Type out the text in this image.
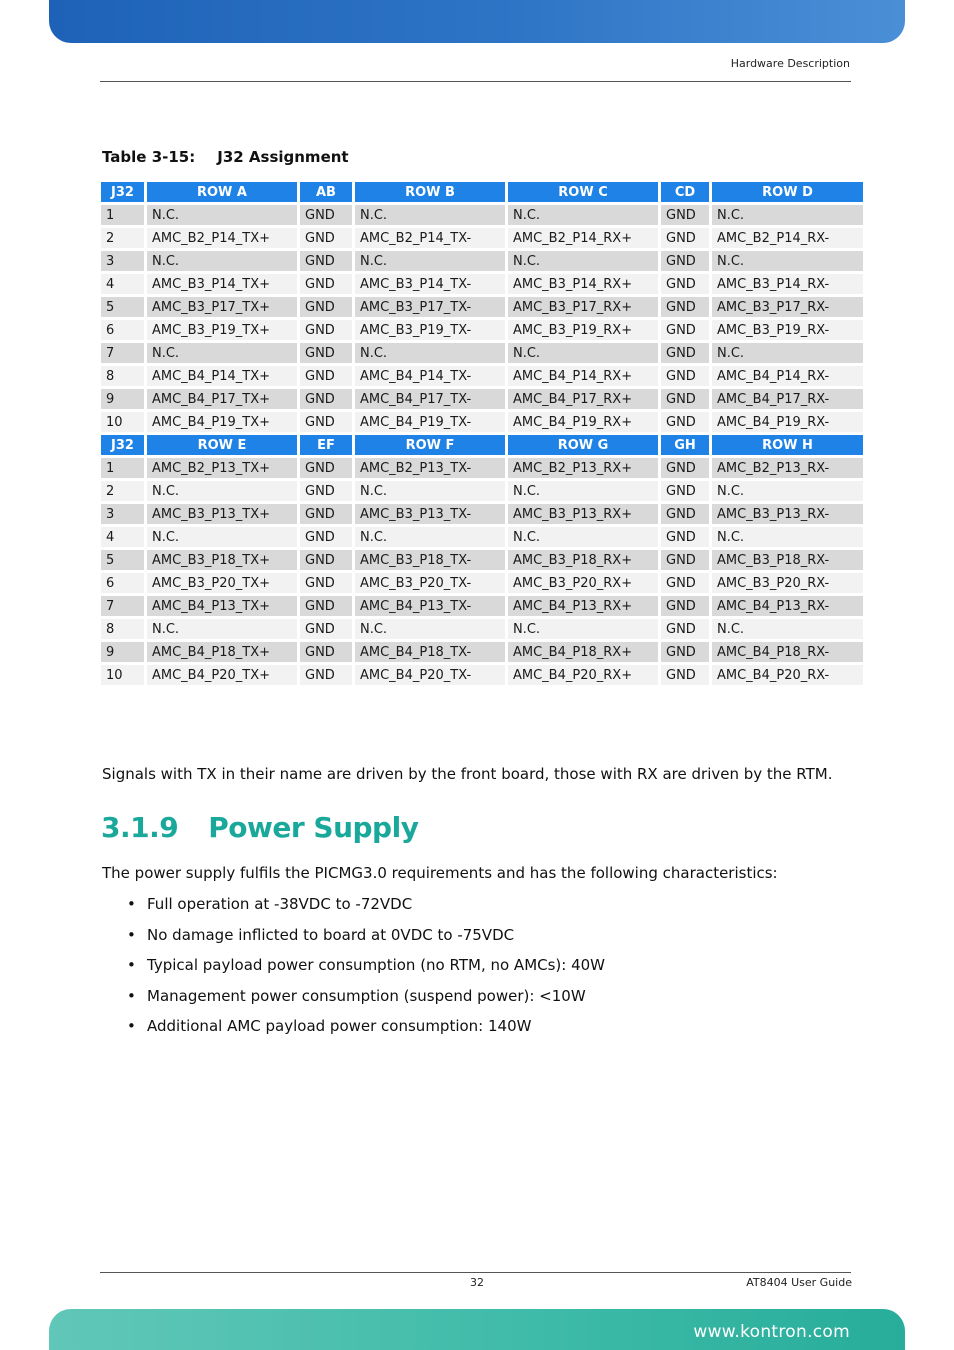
Hardware Description
Table 3-15: J32 Assignment
J32	ROW A	AB	ROW B	ROW C	CD	ROW D
1	N.C.	GND	N.C.	N.C.	GND	N.C.
2	AMC_B2_P14_TX+	GND	AMC_B2_P14_TX-	AMC_B2_P14_RX+	GND	AMC_B2_P14_RX-
3	N.C.	GND	N.C.	N.C.	GND	N.C.
4	AMC_B3_P14_TX+	GND	AMC_B3_P14_TX-	AMC_B3_P14_RX+	GND	AMC_B3_P14_RX-
5	AMC_B3_P17_TX+	GND	AMC_B3_P17_TX-	AMC_B3_P17_RX+	GND	AMC_B3_P17_RX-
6	AMC_B3_P19_TX+	GND	AMC_B3_P19_TX-	AMC_B3_P19_RX+	GND	AMC_B3_P19_RX-
7	N.C.	GND	N.C.	N.C.	GND	N.C.
8	AMC_B4_P14_TX+	GND	AMC_B4_P14_TX-	AMC_B4_P14_RX+	GND	AMC_B4_P14_RX-
9	AMC_B4_P17_TX+	GND	AMC_B4_P17_TX-	AMC_B4_P17_RX+	GND	AMC_B4_P17_RX-
10	AMC_B4_P19_TX+	GND	AMC_B4_P19_TX-	AMC_B4_P19_RX+	GND	AMC_B4_P19_RX-
J32	ROW E	EF	ROW F	ROW G	GH	ROW H
1	AMC_B2_P13_TX+	GND	AMC_B2_P13_TX-	AMC_B2_P13_RX+	GND	AMC_B2_P13_RX-
2	N.C.	GND	N.C.	N.C.	GND	N.C.
3	AMC_B3_P13_TX+	GND	AMC_B3_P13_TX-	AMC_B3_P13_RX+	GND	AMC_B3_P13_RX-
4	N.C.	GND	N.C.	N.C.	GND	N.C.
5	AMC_B3_P18_TX+	GND	AMC_B3_P18_TX-	AMC_B3_P18_RX+	GND	AMC_B3_P18_RX-
6	AMC_B3_P20_TX+	GND	AMC_B3_P20_TX-	AMC_B3_P20_RX+	GND	AMC_B3_P20_RX-
7	AMC_B4_P13_TX+	GND	AMC_B4_P13_TX-	AMC_B4_P13_RX+	GND	AMC_B4_P13_RX-
8	N.C.	GND	N.C.	N.C.	GND	N.C.
9	AMC_B4_P18_TX+	GND	AMC_B4_P18_TX-	AMC_B4_P18_RX+	GND	AMC_B4_P18_RX-
10	AMC_B4_P20_TX+	GND	AMC_B4_P20_TX-	AMC_B4_P20_RX+	GND	AMC_B4_P20_RX-
Signals with TX in their name are driven by the front board, those with RX are driven by the RTM.
3.1.9 Power Supply
The power supply fulfils the PICMG3.0 requirements and has the following characteristics:
• Full operation at -38VDC to -72VDC
• No damage inflicted to board at 0VDC to -75VDC
• Typical payload power consumption (no RTM, no AMCs): 40W
• Management power consumption (suspend power): <10W
• Additional AMC payload power consumption: 140W
32	AT8404 User Guide
www.kontron.com
